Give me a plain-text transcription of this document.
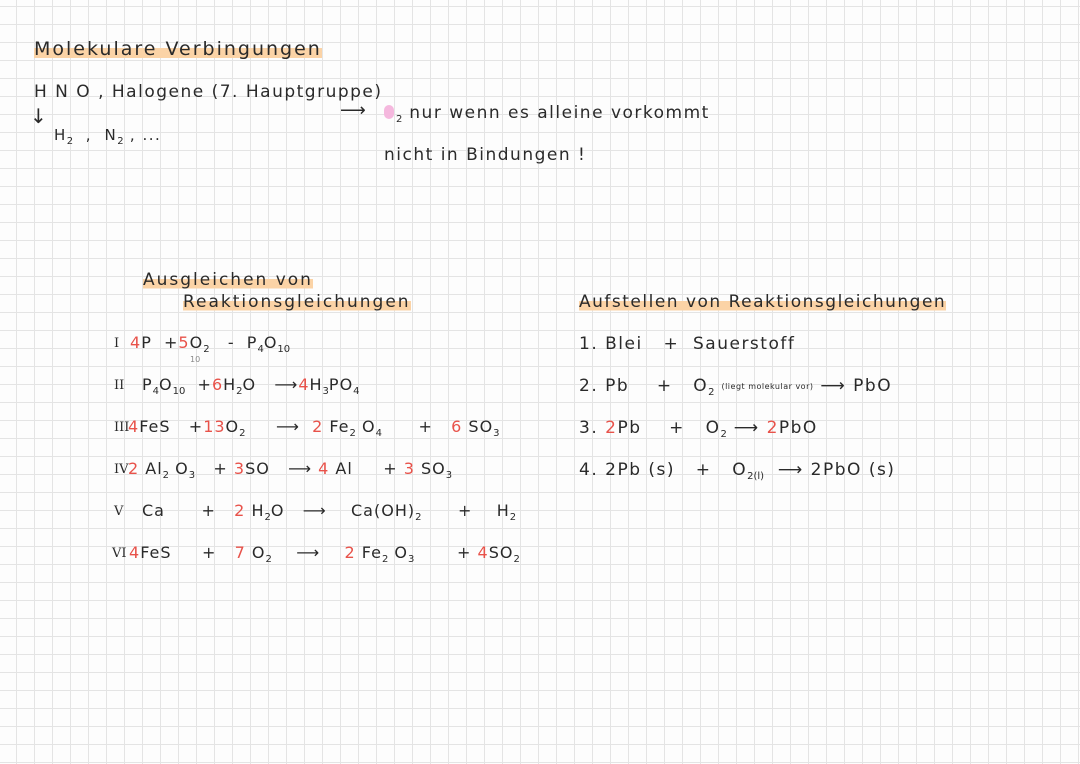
Molekulare Verbingungen
H N O , Halogene (7. Hauptgruppe)
↓
$H_2$ , $N_2$ , ...
⟶	$_2$ nur wenn es alleine vorkommt
nicht in Bindungen !
Ausgleichen von
Reaktionsgleichungen
I $4P +5O_2 - P_4O_{10}$
10
II $P_4O_{10} +6H_2O$ $⟶4H_3PO_4$
III
$4FeS +13O_2$ ⟶ 2 $Fe_2$ $O_4 + 6$ $SO_3$
IV 2 $Al_2$ $O_3 + 3SO$ ⟶ 4 Al + 3 $SO_3$
V Ca + 2 $H_2O$ ⟶ $Ca(OH)_2 + H_2$
VI 4FeS + 7 $O_2$ ⟶ 2 $Fe_2$ $O_3$	+ $4SO_2$
Aufstellen von Reaktionsgleichungen
1. Blei + Sauerstoff
2. $Pb + O_2$ (liegt molekular vor) ⟶ PbO
3. $2Pb + O_2$ ⟶ 2PbO
4. 2Pb $(s) + O_{2(l)}$ ⟶ 2PbO (s)
